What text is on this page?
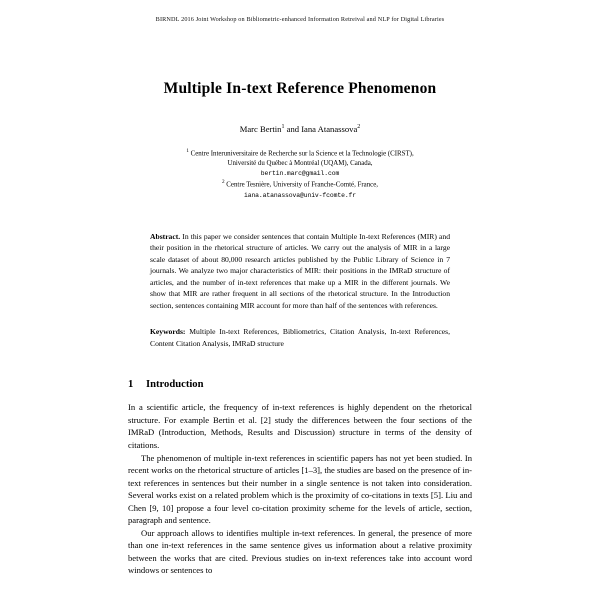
BIRNDL 2016 Joint Workshop on Bibliometric-enhanced Information Retreival and NLP for Digital Libraries
Multiple In-text Reference Phenomenon
Marc Bertin$^1$ and Iana Atanassova$^2$
$^1$ Centre Interuniversitaire de Recherche sur la Science et la Technologie (CIRST),
Université du Québec à Montréal (UQAM), Canada,
bertin.marc@gmail.com
$^2$ Centre Tesnière, University of Franche-Comté, France,
iana.atanassova@univ-fcomte.fr
Abstract. In this paper we consider sentences that contain Multiple In-text References (MIR) and their position in the rhetorical structure of articles. We carry out the analysis of MIR in a large scale dataset of about 80,000 research articles published by the Public Library of Science in 7 journals. We analyze two major characteristics of MIR: their positions in the IMRaD structure of articles, and the number of in-text references that make up a MIR in the different journals. We show that MIR are rather frequent in all sections of the rhetorical structure. In the Introduction section, sentences containing MIR account for more than half of the sentences with references.
Keywords: Multiple In-text References, Bibliometrics, Citation Analysis, In-text References, Content Citation Analysis, IMRaD structure
1 Introduction

In a scientific article, the frequency of in-text references is highly dependent on the rhetorical structure. For example Bertin et al. [2] study the differences between the four sections of the IMRaD (Introduction, Methods, Results and Discussion) structure in terms of the density of citations.

The phenomenon of multiple in-text references in scientific papers has not yet been studied. In recent works on the rhetorical structure of articles [1–3], the studies are based on the presence of in-text references in sentences but their number in a single sentence is not taken into consideration. Several works exist on a related problem which is the proximity of co-citations in texts [5]. Liu and Chen [9, 10] propose a four level co-citation proximity scheme for the levels of article, section, paragraph and sentence.

Our approach allows to identifies multiple in-text references. In general, the presence of more than one in-text references in the same sentence gives us information about a relative proximity between the works that are cited. Previous studies on in-text references take into account word windows or sentences to
